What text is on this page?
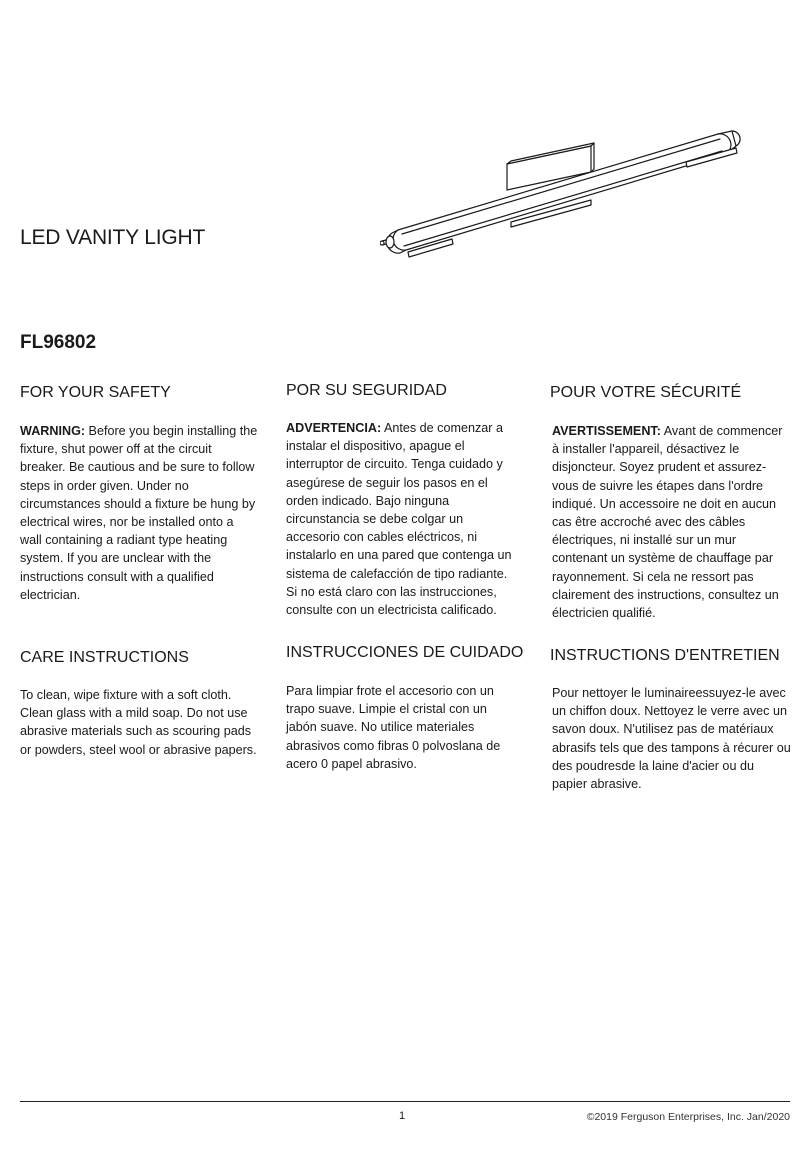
LED VANITY LIGHT
FL96802
FOR YOUR SAFETY
WARNING: Before you begin installing the fixture, shut power off at the circuit breaker. Be cautious and be sure to follow steps in order given. Under no circumstances should a fixture be hung by electrical wires, nor be installed onto a wall containing a radiant type heating system. If you are unclear with the instructions consult with a qualified electrician.
POR SU SEGURIDAD
ADVERTENCIA: Antes de comenzar a instalar el dispositivo, apague el interruptor de circuito. Tenga cuidado y asegúrese de seguir los pasos en el orden indicado. Bajo ninguna circunstancia se debe colgar un accesorio con cables eléctricos, ni instalarlo en una pared que contenga un sistema de calefacción de tipo radiante. Si no está claro con las instrucciones, consulte con un electricista calificado.
POUR VOTRE SÉCURITÉ
AVERTISSEMENT: Avant de commencer à installer l'appareil, désactivez le disjoncteur. Soyez prudent et assurez-vous de suivre les étapes dans l'ordre indiqué. Un accessoire ne doit en aucun cas être accroché avec des câbles électriques, ni installé sur un mur contenant un système de chauffage par rayonnement. Si cela ne ressort pas clairement des instructions, consultez un électricien qualifié.
CARE INSTRUCTIONS
To clean, wipe fixture with a soft cloth. Clean glass with a mild soap. Do not use abrasive materials such as scouring pads or powders, steel wool or abrasive papers.
INSTRUCCIONES DE CUIDADO
Para limpiar frote el accesorio con un trapo suave. Limpie el cristal con un jabón suave. No utilice materiales abrasivos como fibras 0 polvoslana de acero 0 papel abrasivo.
INSTRUCTIONS D'ENTRETIEN
Pour nettoyer le luminaireessuyez-le avec un chiffon doux. Nettoyez le verre avec un savon doux. N'utilisez pas de matériaux abrasifs tels que des tampons à récurer ou des poudresde la laine d'acier ou du papier abrasive.
1	©2019 Ferguson Enterprises, Inc. Jan/2020
